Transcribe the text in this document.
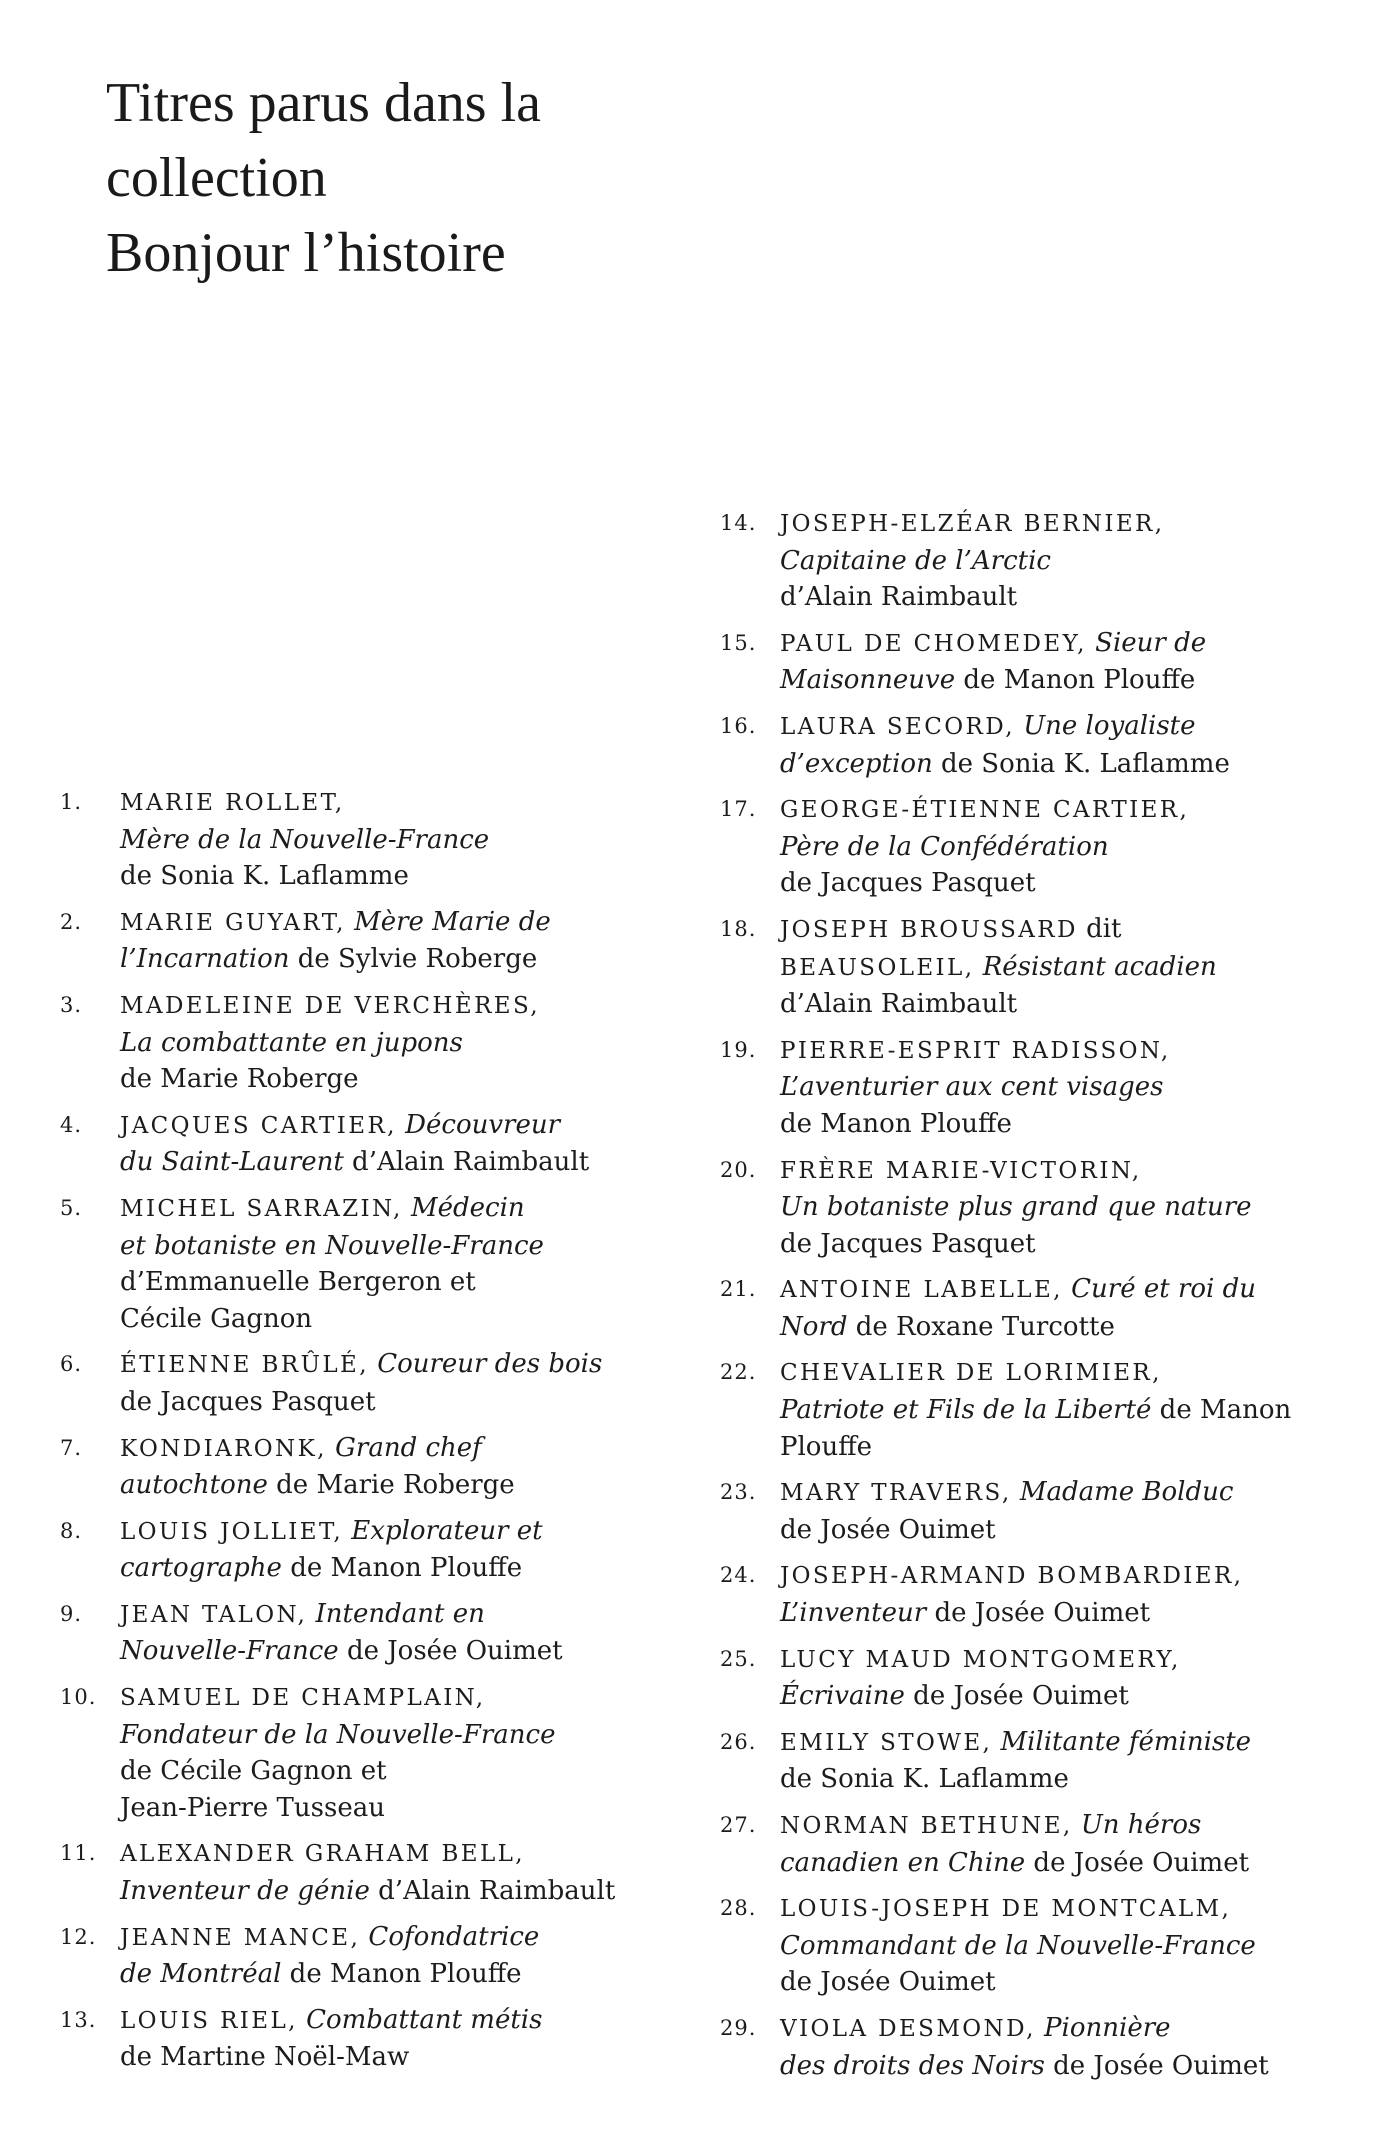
Titres parus dans la
collection
Bonjour l’histoire
1. MARIE ROLLET,
Mère de la Nouvelle-France
de Sonia K. Laflamme
2. MARIE GUYART, Mère Marie de
l’Incarnation de Sylvie Roberge
3. MADELEINE DE VERCHÈRES,
La combattante en jupons
de Marie Roberge
4. JACQUES CARTIER, Découvreur
du Saint-Laurent d’Alain Raimbault
5. MICHEL SARRAZIN, Médecin
et botaniste en Nouvelle-France
d’Emmanuelle Bergeron et
Cécile Gagnon
6. ÉTIENNE BRÛLÉ, Coureur des bois
de Jacques Pasquet
7. KONDIARONK, Grand chef
autochtone de Marie Roberge
8. LOUIS JOLLIET, Explorateur et
cartographe de Manon Plouffe
9. JEAN TALON, Intendant en
Nouvelle-France de Josée Ouimet
10. SAMUEL DE CHAMPLAIN,
Fondateur de la Nouvelle-France
de Cécile Gagnon et
Jean-Pierre Tusseau
11. ALEXANDER GRAHAM BELL,
Inventeur de génie d’Alain Raimbault
12. JEANNE MANCE, Cofondatrice
de Montréal de Manon Plouffe
13. LOUIS RIEL, Combattant métis
de Martine Noël-Maw
14. JOSEPH-ELZÉAR BERNIER,
Capitaine de l’Arctic
d’Alain Raimbault
15. PAUL DE CHOMEDEY, Sieur de
Maisonneuve de Manon Plouffe
16. LAURA SECORD, Une loyaliste
d’exception de Sonia K. Laflamme
17. GEORGE-ÉTIENNE CARTIER,
Père de la Confédération
de Jacques Pasquet
18. JOSEPH BROUSSARD dit
BEAUSOLEIL, Résistant acadien
d’Alain Raimbault
19. PIERRE-ESPRIT RADISSON,
L’aventurier aux cent visages
de Manon Plouffe
20. FRÈRE MARIE-VICTORIN,
Un botaniste plus grand que nature
de Jacques Pasquet
21. ANTOINE LABELLE, Curé et roi du
Nord de Roxane Turcotte
22. CHEVALIER DE LORIMIER,
Patriote et Fils de la Liberté de Manon
Plouffe
23. MARY TRAVERS, Madame Bolduc
de Josée Ouimet
24. JOSEPH-ARMAND BOMBARDIER,
L’inventeur de Josée Ouimet
25. LUCY MAUD MONTGOMERY,
Écrivaine de Josée Ouimet
26. EMILY STOWE, Militante féministe
de Sonia K. Laflamme
27. NORMAN BETHUNE, Un héros
canadien en Chine de Josée Ouimet
28. LOUIS-JOSEPH DE MONTCALM,
Commandant de la Nouvelle-France
de Josée Ouimet
29. VIOLA DESMOND, Pionnière
des droits des Noirs de Josée Ouimet
